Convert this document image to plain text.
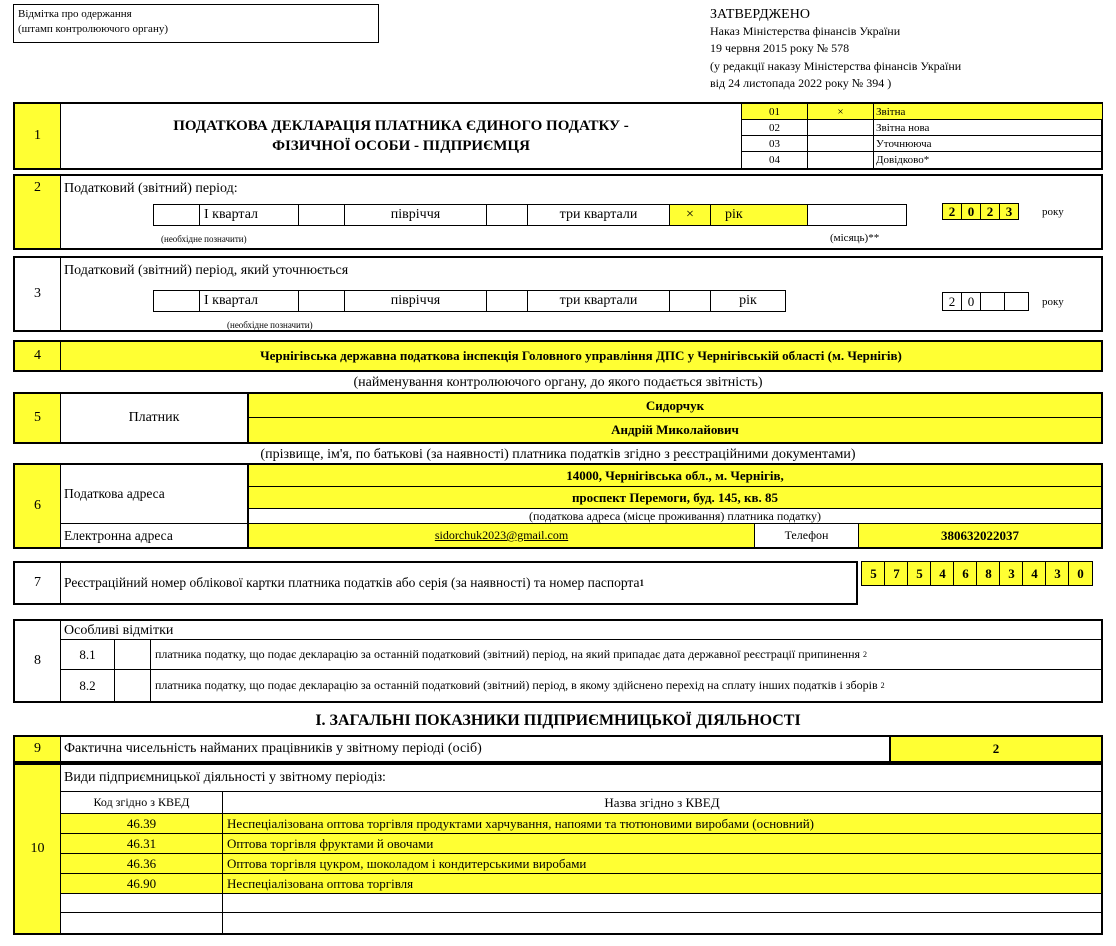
Відмітка про одержання
(штамп контролюючого органу)
ЗАТВЕРДЖЕНО
Наказ Міністерства фінансів України
19 червня 2015 року № 578
(у редакції наказу Міністерства фінансів України
від 24 листопада 2022 року № 394 )
1
ПОДАТКОВА ДЕКЛАРАЦІЯ ПЛАТНИКА ЄДИНОГО ПОДАТКУ -
ФІЗИЧНОЇ ОСОБИ - ПІДПРИЄМЦЯ
01	×	Звітна
02	Звітна нова
03	Уточнююча
04	Довідково*
2	Податковий (звітний) період:
I квартал	півріччя	три квартали	×	рік
(необхідне позначити)	(місяць)**
2 0 2 3	року
3
Податковий (звітний) період, який уточнюється
I квартал	півріччя	три квартали	рік
(необхідне позначити)
2 0	року
4	Чернігівська державна податкова інспекція Головного управління ДПС у Чернігівській області (м. Чернігів)
(найменування контролюючого органу, до якого подається звітність)
5	Платник
Сидорчук
Андрій Миколайович
(прізвище, ім'я, по батькові (за наявності) платника податків згідно з реєстраційними документами)
6
Податкова адреса
14000, Чернігівська обл., м. Чернігів,
проспект Перемоги, буд. 145, кв. 85
(податкова адреса (місце проживання) платника податку)
Електронна адреса	sidorchuk2023@gmail.com	Телефон	380632022037
7	Реєстраційний номер облікової картки платника податків або серія (за наявності) та номер паспорта 1
5	7	5	4	6	8	3	4	3	0
8
Особливі відмітки
8.1	платника податку, що подає декларацію за останній податковий (звітний) період, на який припадає дата державної реєстрації припинення
2
8.2	платника податку, що подає декларацію за останній податковий (звітний) період, в якому здійснено перехід на сплату інших податків і зборів
2
I. ЗАГАЛЬНІ ПОКАЗНИКИ ПІДПРИЄМНИЦЬКОЇ ДІЯЛЬНОСТІ
9	Фактична чисельність найманих працівників у звітному періоді (осіб)	2
10
Види підприємницької діяльності у звітному періоді 3 :
Код згідно з КВЕД	Назва згідно з КВЕД
46.39	Неспеціалізована оптова торгівля продуктами харчування, напоями та тютюновими виробами (основний)
46.31	Оптова торгівля фруктами й овочами
46.36	Оптова торгівля цукром, шоколадом і кондитерськими виробами
46.90	Неспеціалізована оптова торгівля
